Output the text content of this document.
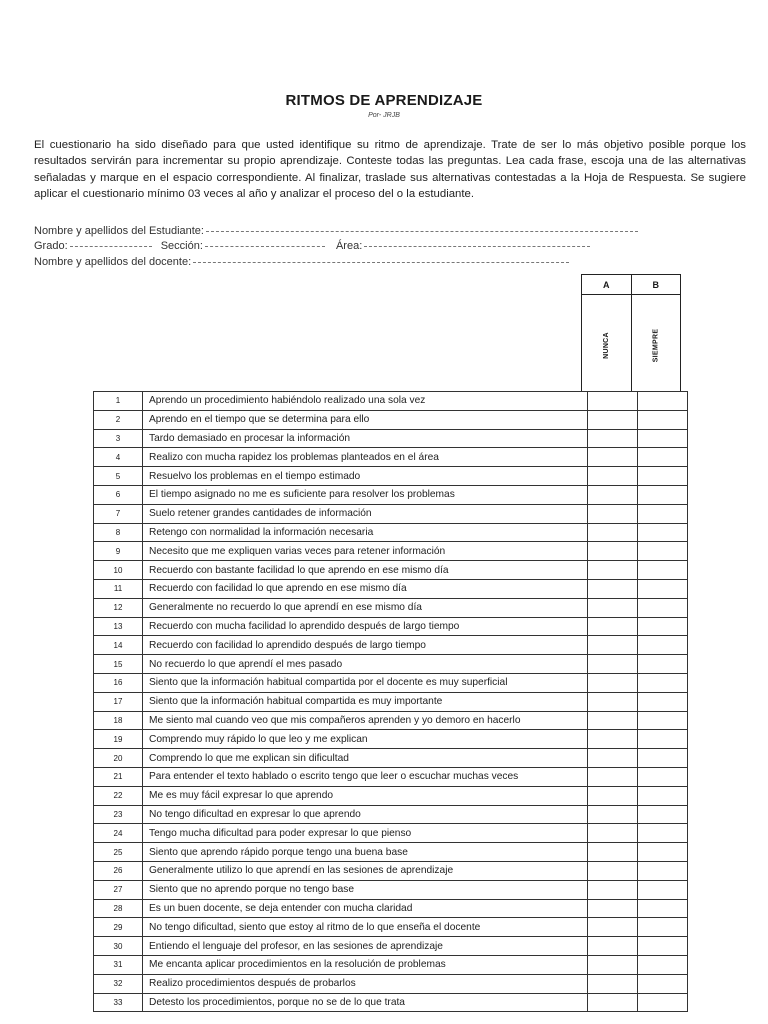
RITMOS DE APRENDIZAJE
Por- JRJB
El cuestionario ha sido diseñado para que usted identifique su ritmo de aprendizaje. Trate de ser lo más objetivo posible porque los resultados servirán para incrementar su propio aprendizaje. Conteste todas las preguntas. Lea cada frase, escoja una de las alternativas señaladas y marque en el espacio correspondiente. Al finalizar, traslade sus alternativas contestadas a la Hoja de Respuesta. Se sugiere aplicar el cuestionario mínimo 03 veces al año y analizar el proceso del o la estudiante.
Nombre y apellidos del Estudiante:
Grado:	Sección:	Área:
Nombre y apellidos del docente:
A	B
NUNCA	SIEMPRE
1	Aprendo un procedimiento habiéndolo realizado una sola vez		
2	Aprendo en el tiempo que se determina para ello		
3	Tardo demasiado en procesar la información		
4	Realizo con mucha rapidez los problemas planteados en el área		
5	Resuelvo los problemas en el tiempo estimado		
6	El tiempo asignado no me es suficiente para resolver los problemas		
7	Suelo retener grandes cantidades de información		
8	Retengo con normalidad la información necesaria		
9	Necesito que me expliquen varias veces para retener información		
10	Recuerdo con bastante facilidad lo que aprendo en ese mismo día		
11	Recuerdo con facilidad lo que aprendo en ese mismo día		
12	Generalmente no recuerdo lo que aprendí en ese mismo día		
13	Recuerdo con mucha facilidad lo aprendido después de largo tiempo		
14	Recuerdo con facilidad lo aprendido después de largo tiempo		
15	No recuerdo lo que aprendí el mes pasado		
16	Siento que la información habitual compartida por el docente es muy superficial		
17	Siento que la información habitual compartida es muy importante		
18	Me siento mal cuando veo que mis compañeros aprenden y yo demoro en hacerlo		
19	Comprendo muy rápido lo que leo y me explican		
20	Comprendo lo que me explican sin dificultad		
21	Para entender el texto hablado o escrito tengo que leer o escuchar muchas veces		
22	Me es muy fácil expresar lo que aprendo		
23	No tengo dificultad en expresar lo que aprendo		
24	Tengo mucha dificultad para poder expresar lo que pienso		
25	Siento que aprendo rápido porque tengo una buena base		
26	Generalmente utilizo lo que aprendí en las sesiones de aprendizaje		
27	Siento que no aprendo porque no tengo base		
28	Es un buen docente, se deja entender con mucha claridad		
29	No tengo dificultad, siento que estoy al ritmo de lo que enseña el docente		
30	Entiendo el lenguaje del profesor, en las sesiones de aprendizaje		
31	Me encanta aplicar procedimientos en la resolución de problemas		
32	Realizo procedimientos después de probarlos		
33	Detesto los procedimientos, porque no se de lo que trata		
